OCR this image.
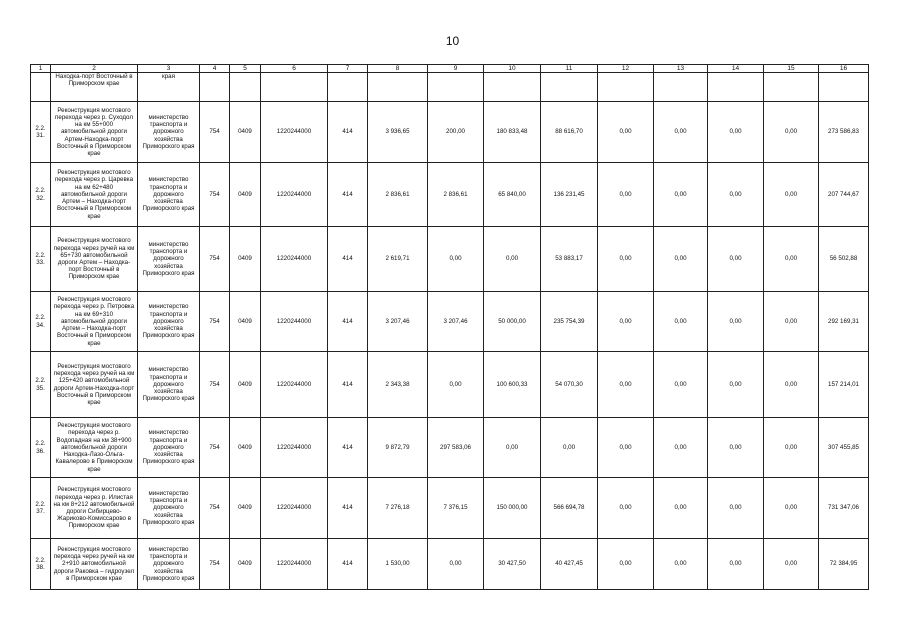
10
1	2	3	4	5	6	7	8	9	10	11	12	13	14	15	16
	Находка-порт Восточный в Приморском крае	края													
2.2. 31.	Реконструкция мостового перехода через р. Суходол на км 55+000 автомобильной дороги Артем-Находка-порт Восточный в Приморском крае	министерство транспорта и дорожного хозяйства Приморского края	754	0409	1220244000	414	3 936,65	200,00	180 833,48	88 616,70	0,00	0,00	0,00	0,00	273 586,83
2.2. 32.	Реконструкция мостового перехода через р. Царевка на км 62+480 автомобильной дороги Артем – Находка-порт Восточный в Приморском крае	министерство транспорта и дорожного хозяйства Приморского края	754	0409	1220244000	414	2 836,61	2 836,61	65 840,00	136 231,45	0,00	0,00	0,00	0,00	207 744,67
2.2. 33.	Реконструкция мостового перехода через ручей на км 65+730 автомобильной дороги Артем – Находка-порт Восточный в Приморском крае	министерство транспорта и дорожного хозяйства Приморского края	754	0409	1220244000	414	2 619,71	0,00	0,00	53 883,17	0,00	0,00	0,00	0,00	56 502,88
2.2. 34.	Реконструкция мостового перехода через р. Петровка на км 69+310 автомобильной дороги Артем – Находка-порт Восточный в Приморском крае	министерство транспорта и дорожного хозяйства Приморского края	754	0409	1220244000	414	3 207,46	3 207,46	50 000,00	235 754,39	0,00	0,00	0,00	0,00	292 169,31
2.2. 35.	Реконструкция мостового перехода через ручей на км 125+420 автомобильной дороги Артем-Находка-порт Восточный в Приморском крае	министерство транспорта и дорожного хозяйства Приморского края	754	0409	1220244000	414	2 343,38	0,00	100 600,33	54 070,30	0,00	0,00	0,00	0,00	157 214,01
2.2. 36.	Реконструкция мостового перехода через р. Водопадная на км 38+900 автомобильной дороги Находка-Лазо-Ольга-Кавалерово в Приморском крае	министерство транспорта и дорожного хозяйства Приморского края	754	0409	1220244000	414	9 872,79	297 583,06	0,00	0,00	0,00	0,00	0,00	0,00	307 455,85
2.2. 37.	Реконструкция мостового перехода через р. Илистая на км 8+212 автомобильной дороги Сибирцево-Жариково-Комиссарово в Приморском крае	министерство транспорта и дорожного хозяйства Приморского края	754	0409	1220244000	414	7 276,18	7 376,15	150 000,00	566 694,78	0,00	0,00	0,00	0,00	731 347,06
2.2. 38.	Реконструкция мостового перехода через ручей на км 2+910 автомобильной дороги Раковка – гидроузел в Приморском крае	министерство транспорта и дорожного хозяйства Приморского края	754	0409	1220244000	414	1 530,00	0,00	30 427,50	40 427,45	0,00	0,00	0,00	0,00	72 384,95
